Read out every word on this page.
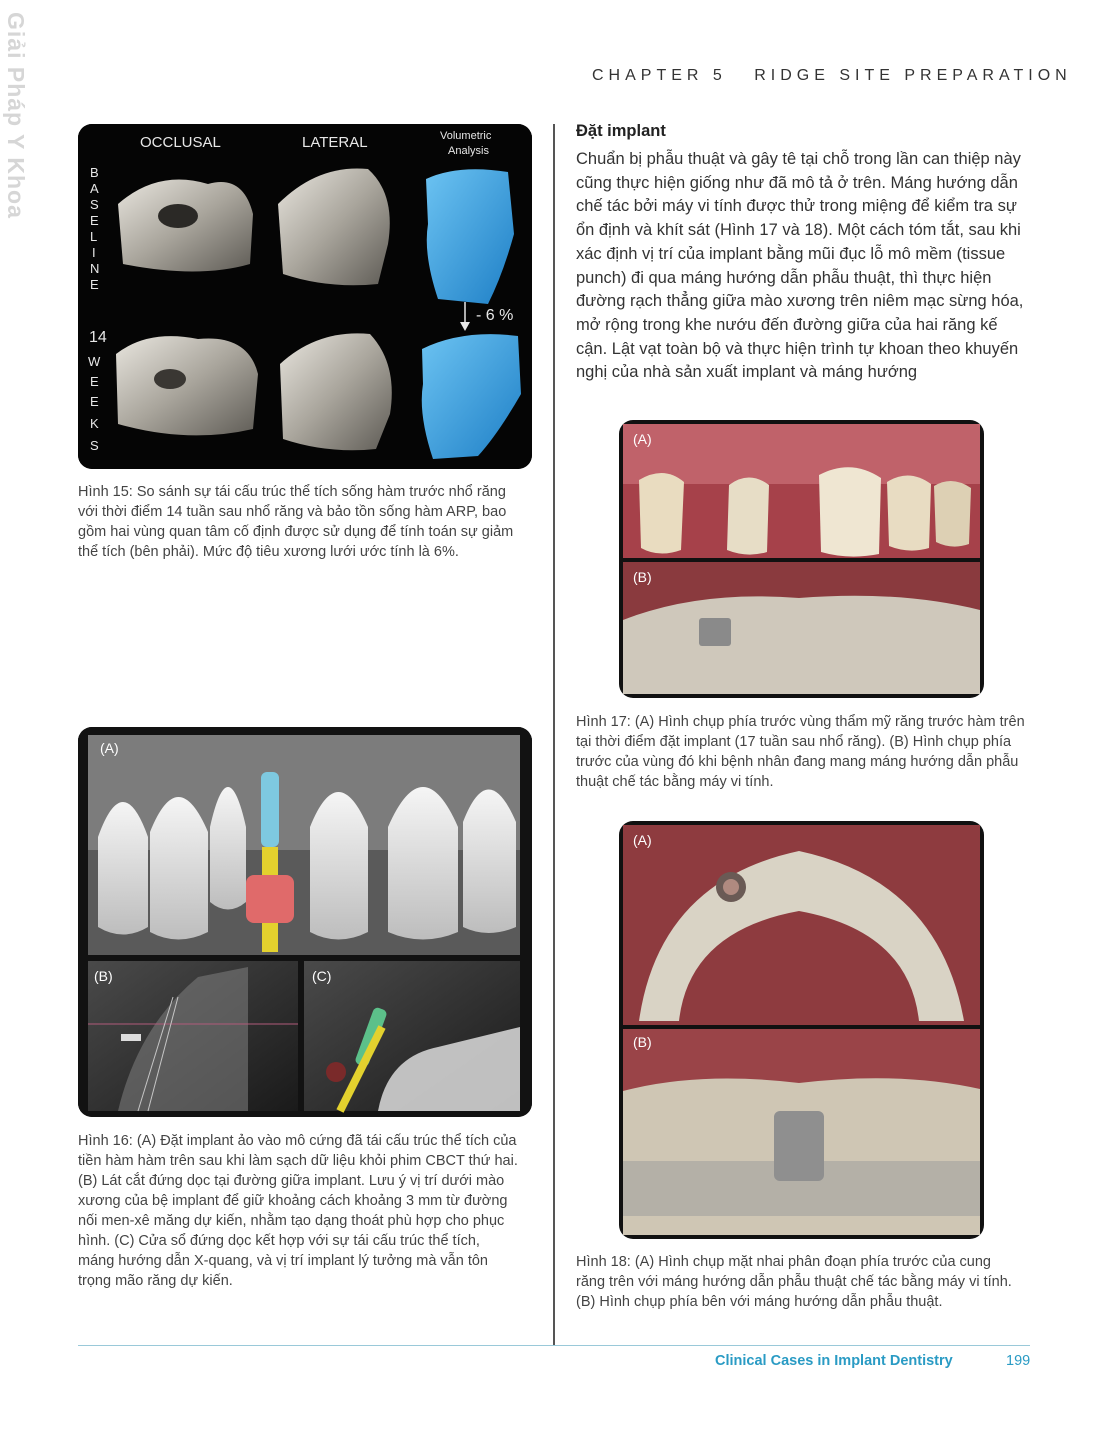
Giải Pháp Y Khoa	CHAPTER 5 RIDGE SITE PREPARATION
OCCLUSAL	LATERAL	Volumetric
Analysis
B
A
S
E
L
I
N
E
14
W
E
E
K
S
- 6 %
Hình 15: So sánh sự tái cấu trúc thể tích sống hàm trước nhổ răng với thời điểm 14 tuần sau nhổ răng và bảo tồn sống hàm ARP, bao gồm hai vùng quan tâm cố định được sử dụng để tính toán sự giảm thể tích (bên phải). Mức độ tiêu xương lưới ước tính là 6%.
(A)
(B)	(C)
Hình 16: (A) Đặt implant ảo vào mô cứng đã tái cấu trúc thể tích của tiền hàm hàm trên sau khi làm sạch dữ liệu khỏi phim CBCT thứ hai. (B) Lát cắt đứng dọc tại đường giữa implant. Lưu ý vị trí dưới mào xương của bệ implant để giữ khoảng cách khoảng 3 mm từ đường nối men-xê măng dự kiến, nhằm tạo dạng thoát phù hợp cho phục hình. (C) Cửa sổ đứng dọc kết hợp với sự tái cấu trúc thể tích, máng hướng dẫn X-quang, và vị trí implant lý tưởng mà vẫn tôn trọng mão răng dự kiến.
Đặt implant
Chuẩn bị phẫu thuật và gây tê tại chỗ trong lần can thiệp này cũng thực hiện giống như đã mô tả ở trên. Máng hướng dẫn chế tác bởi máy vi tính được thử trong miệng để kiểm tra sự ổn định và khít sát (Hình 17 và 18). Một cách tóm tắt, sau khi xác định vị trí của implant bằng mũi đục lỗ mô mềm (tissue punch) đi qua máng hướng dẫn phẫu thuật, thì thực hiện đường rạch thẳng giữa mào xương trên niêm mạc sừng hóa, mở rộng trong khe nướu đến đường giữa của hai răng kế cận. Lật vạt toàn bộ và thực hiện trình tự khoan theo khuyến nghị của nhà sản xuất implant và máng hướng
(A)
(B)
Hình 17: (A) Hình chụp phía trước vùng thẩm mỹ răng trước hàm trên tại thời điểm đặt implant (17 tuần sau nhổ răng). (B) Hình chụp phía trước của vùng đó khi bệnh nhân đang mang máng hướng dẫn phẫu thuật chế tác bằng máy vi tính.
(A)
(B)
Hình 18: (A) Hình chụp mặt nhai phân đoạn phía trước của cung răng trên với máng hướng dẫn phẫu thuật chế tác bằng máy vi tính. (B) Hình chụp phía bên với máng hướng dẫn phẫu thuật.
Clinical Cases in Implant Dentistry	199
